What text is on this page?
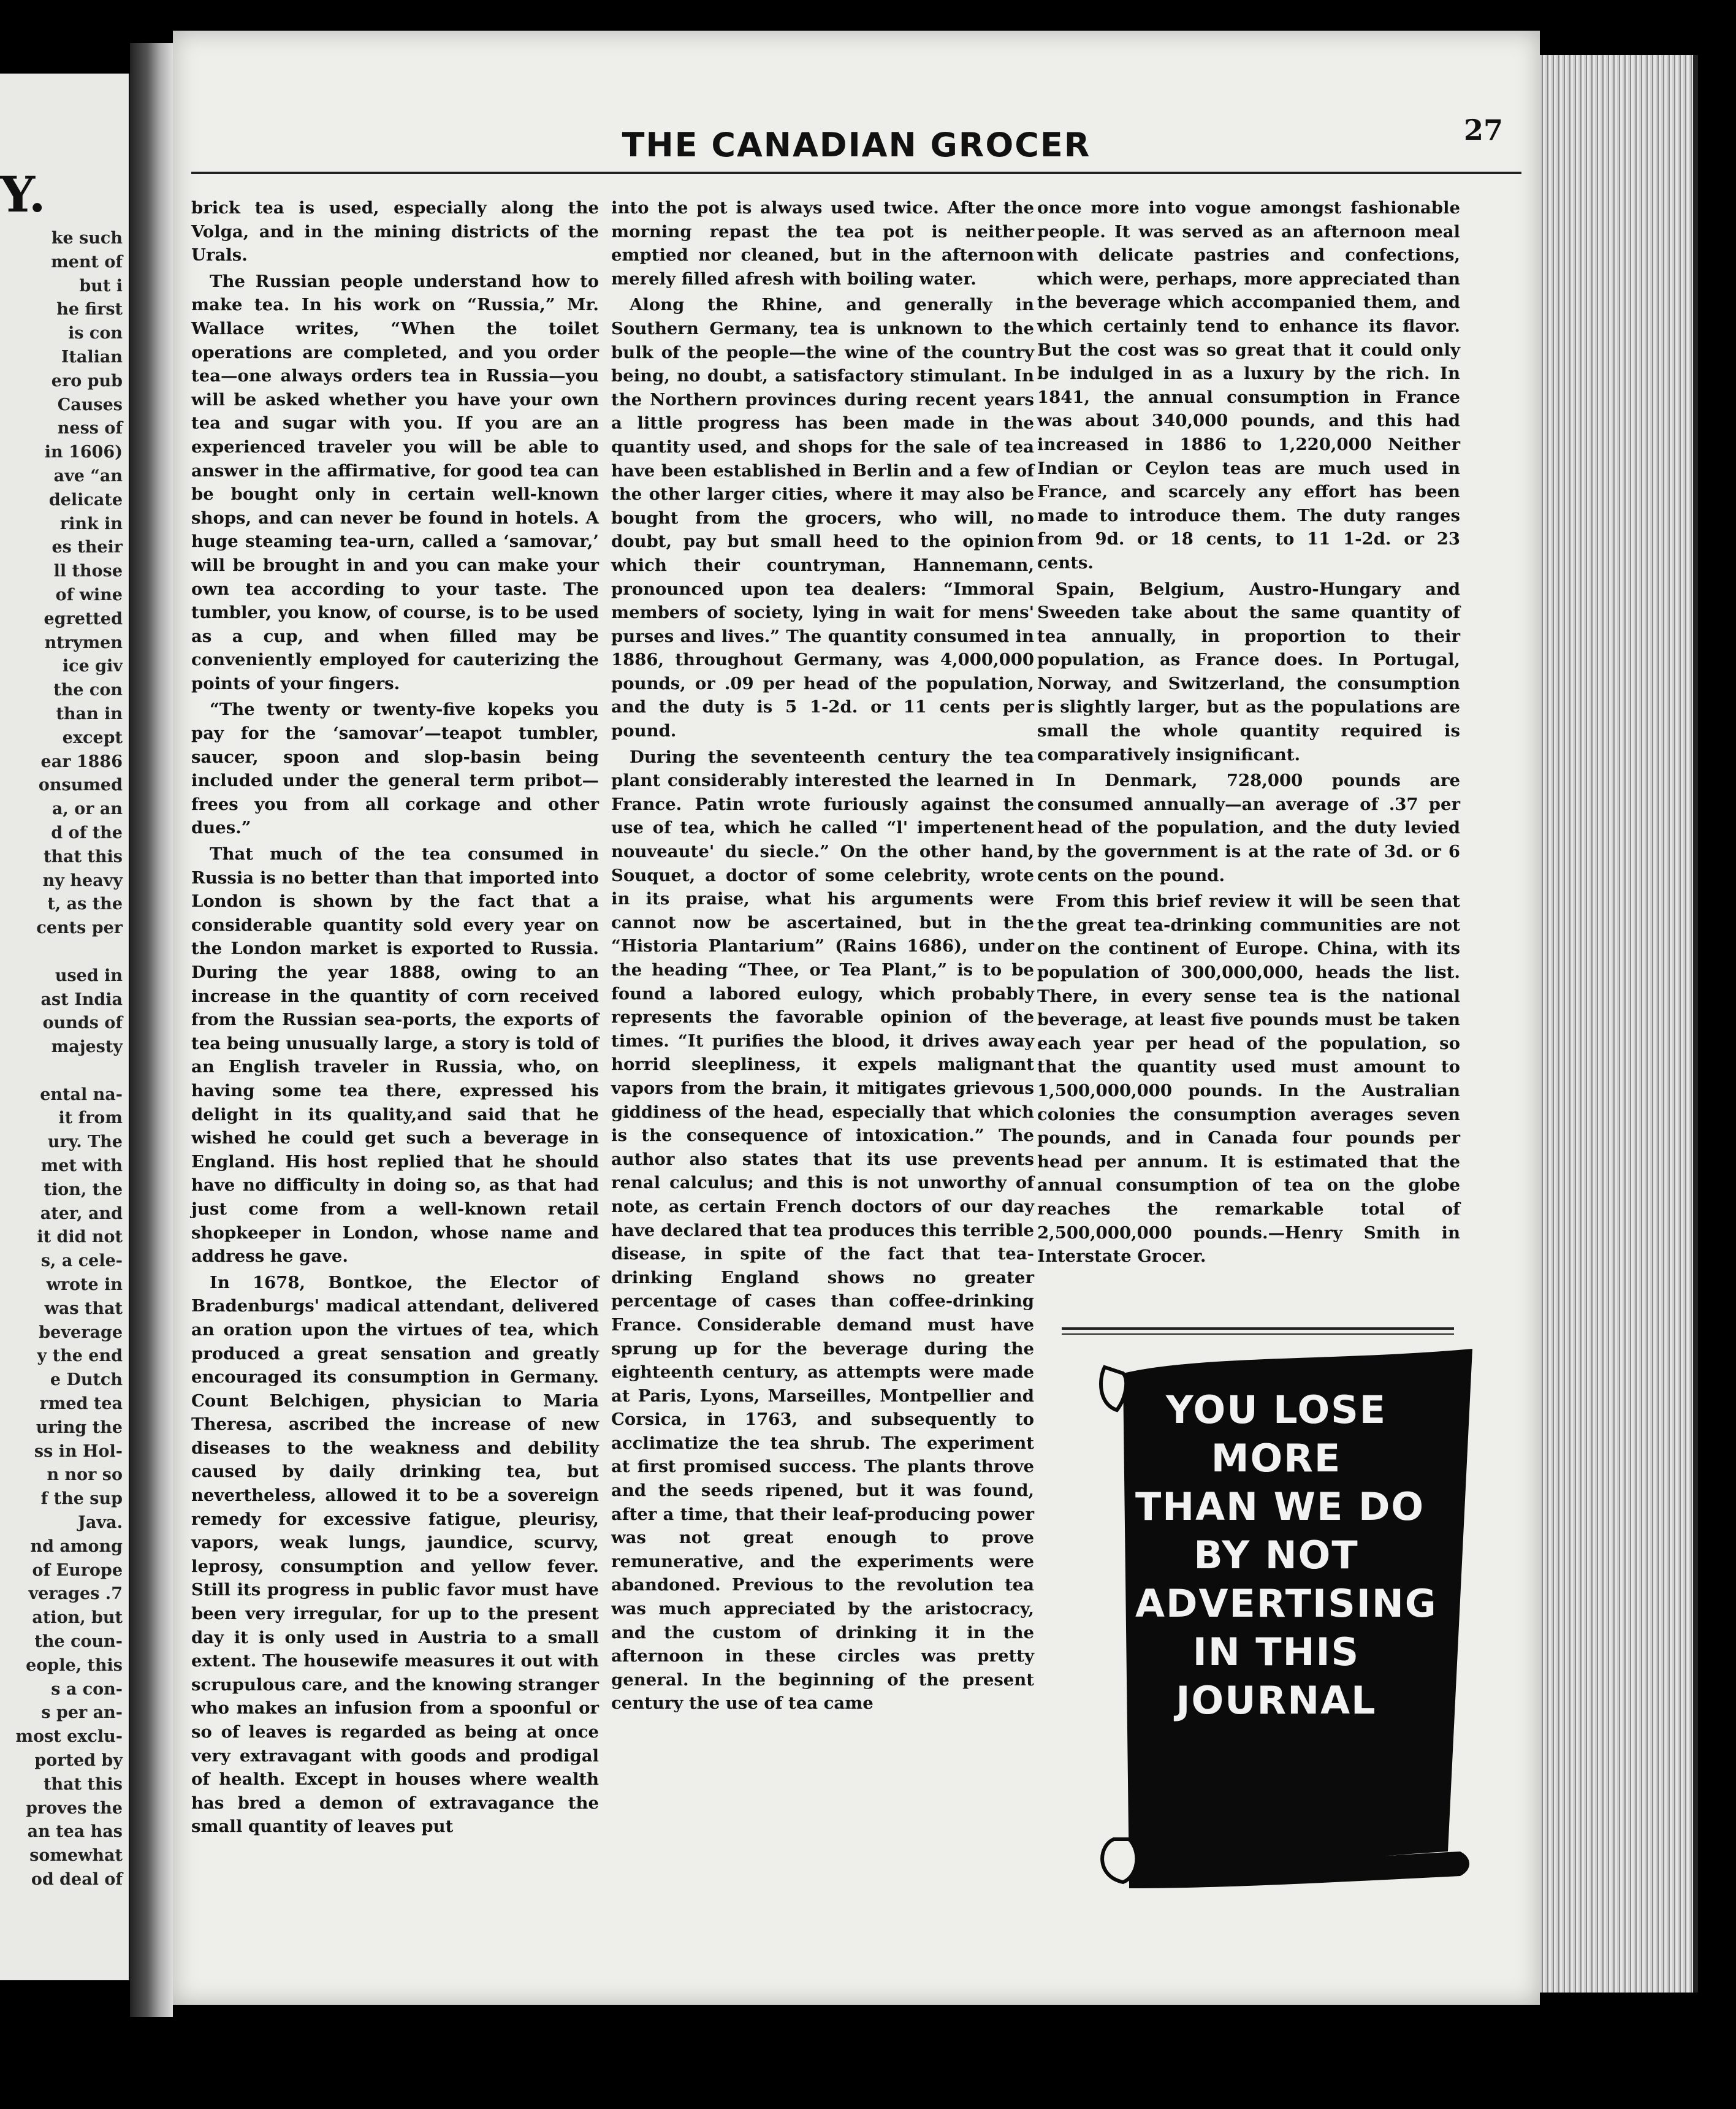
Y.
ke such
ment of
but i
he first
is con
Italian
ero pub
Causes
ness of
in 1606)
ave “an
delicate
rink in
es their
ll those
of wine
egretted
ntrymen
ice giv
the con
than in
except
ear 1886
onsumed
a, or an
d of the
that this
ny heavy
t, as the
cents per

used in
ast India
ounds of
majesty

ental na-
it from
ury. The
met with
tion, the
ater, and
it did not
s, a cele-
wrote in
was that
beverage
y the end
e Dutch
rmed tea
uring the
ss in Hol-
n nor so
f the sup
Java.
nd among
of Europe
verages .7
ation, but
the coun-
eople, this
s a con-
s per an-
most exclu-
ported by
that this
proves the
an tea has
somewhat
od deal of
THE CANADIAN GROCER	27

brick tea is used, especially along the Volga, and in the mining districts of the Urals.

The Russian people understand how to make tea. In his work on “Russia,” Mr. Wallace writes, “When the toilet operations are completed, and you order tea—one always orders tea in Russia—you will be asked whether you have your own tea and sugar with you. If you are an experienced traveler you will be able to answer in the affirmative, for good tea can be bought only in certain well-known shops, and can never be found in hotels. A huge steaming tea-urn, called a ‘samovar,’ will be brought in and you can make your own tea according to your taste. The tumbler, you know, of course, is to be used as a cup, and when filled may be conveniently employed for cauterizing the points of your fingers.

“The twenty or twenty-five kopeks you pay for the ‘samovar’—teapot tumbler, saucer, spoon and slop-basin being included under the general term pribot—frees you from all corkage and other dues.”

That much of the tea consumed in Russia is no better than that imported into London is shown by the fact that a considerable quantity sold every year on the London market is exported to Russia. During the year 1888, owing to an increase in the quantity of corn received from the Russian sea-ports, the exports of tea being unusually large, a story is told of an English traveler in Russia, who, on having some tea there, expressed his delight in its quality,and said that he wished he could get such a beverage in England. His host replied that he should have no difficulty in doing so, as that had just come from a well-known retail shopkeeper in London, whose name and address he gave.

In 1678, Bontkoe, the Elector of Bradenburgs' madical attendant, delivered an oration upon the virtues of tea, which produced a great sensation and greatly encouraged its consumption in Germany. Count Belchigen, physician to Maria Theresa, ascribed the increase of new diseases to the weakness and debility caused by daily drinking tea, but nevertheless, allowed it to be a sovereign remedy for excessive fatigue, pleurisy, vapors, weak lungs, jaundice, scurvy, leprosy, consumption and yellow fever. Still its progress in public favor must have been very irregular, for up to the present day it is only used in Austria to a small extent. The housewife measures it out with scrupulous care, and the knowing stranger who makes an infusion from a spoonful or so of leaves is regarded as being at once very extravagant with goods and prodigal of health. Except in houses where wealth has bred a demon of extravagance the small quantity of leaves put

into the pot is always used twice. After the morning repast the tea pot is neither emptied nor cleaned, but in the afternoon merely filled afresh with boiling water.

Along the Rhine, and generally in Southern Germany, tea is unknown to the bulk of the people—the wine of the country being, no doubt, a satisfactory stimulant. In the Northern provinces during recent years a little progress has been made in the quantity used, and shops for the sale of tea have been established in Berlin and a few of the other larger cities, where it may also be bought from the grocers, who will, no doubt, pay but small heed to the opinion which their countryman, Hannemann, pronounced upon tea dealers: “Immoral members of society, lying in wait for mens' purses and lives.” The quantity consumed in 1886, throughout Germany, was 4,000,000 pounds, or .09 per head of the population, and the duty is 5 1-2d. or 11 cents per pound.

During the seventeenth century the tea plant considerably interested the learned in France. Patin wrote furiously against the use of tea, which he called “l' impertenent nouveaute' du siecle.” On the other hand, Souquet, a doctor of some celebrity, wrote in its praise, what his arguments were cannot now be ascertained, but in the “Historia Plantarium” (Rains 1686), under the heading “Thee, or Tea Plant,” is to be found a labored eulogy, which probably represents the favorable opinion of the times. “It purifies the blood, it drives away horrid sleepliness, it expels malignant vapors from the brain, it mitigates grievous giddiness of the head, especially that which is the consequence of intoxication.” The author also states that its use prevents renal calculus; and this is not unworthy of note, as certain French doctors of our day have declared that tea produces this terrible disease, in spite of the fact that tea-drinking England shows no greater percentage of cases than coffee-drinking France. Considerable demand must have sprung up for the beverage during the eighteenth century, as attempts were made at Paris, Lyons, Marseilles, Montpellier and Corsica, in 1763, and subsequently to acclimatize the tea shrub. The experiment at first promised success. The plants throve and the seeds ripened, but it was found, after a time, that their leaf-producing power was not great enough to prove remunerative, and the experiments were abandoned. Previous to the revolution tea was much appreciated by the aristocracy, and the custom of drinking it in the afternoon in these circles was pretty general. In the beginning of the present century the use of tea came

once more into vogue amongst fashionable people. It was served as an afternoon meal with delicate pastries and confections, which were, perhaps, more appreciated than the beverage which accompanied them, and which certainly tend to enhance its flavor. But the cost was so great that it could only be indulged in as a luxury by the rich. In 1841, the annual consumption in France was about 340,000 pounds, and this had increased in 1886 to 1,220,000 Neither Indian or Ceylon teas are much used in France, and scarcely any effort has been made to introduce them. The duty ranges from 9d. or 18 cents, to 11 1-2d. or 23 cents.

Spain, Belgium, Austro-Hungary and Sweeden take about the same quantity of tea annually, in proportion to their population, as France does. In Portugal, Norway, and Switzerland, the consumption is slightly larger, but as the populations are small the whole quantity required is comparatively insignificant.

In Denmark, 728,000 pounds are consumed annually—an average of .37 per head of the population, and the duty levied by the government is at the rate of 3d. or 6 cents on the pound.

From this brief review it will be seen that the great tea-drinking communities are not on the continent of Europe. China, with its population of 300,000,000, heads the list. There, in every sense tea is the national beverage, at least five pounds must be taken each year per head of the population, so that the quantity used must amount to 1,500,000,000 pounds. In the Australian colonies the consumption averages seven pounds, and in Canada four pounds per head per annum. It is estimated that the annual consumption of tea on the globe reaches the remarkable total of 2,500,000,000 pounds.—Henry Smith in Interstate Grocer.

YOU LOSE
MORE
THAN WE DO
BY NOT
ADVERTISING
IN THIS
JOURNAL
